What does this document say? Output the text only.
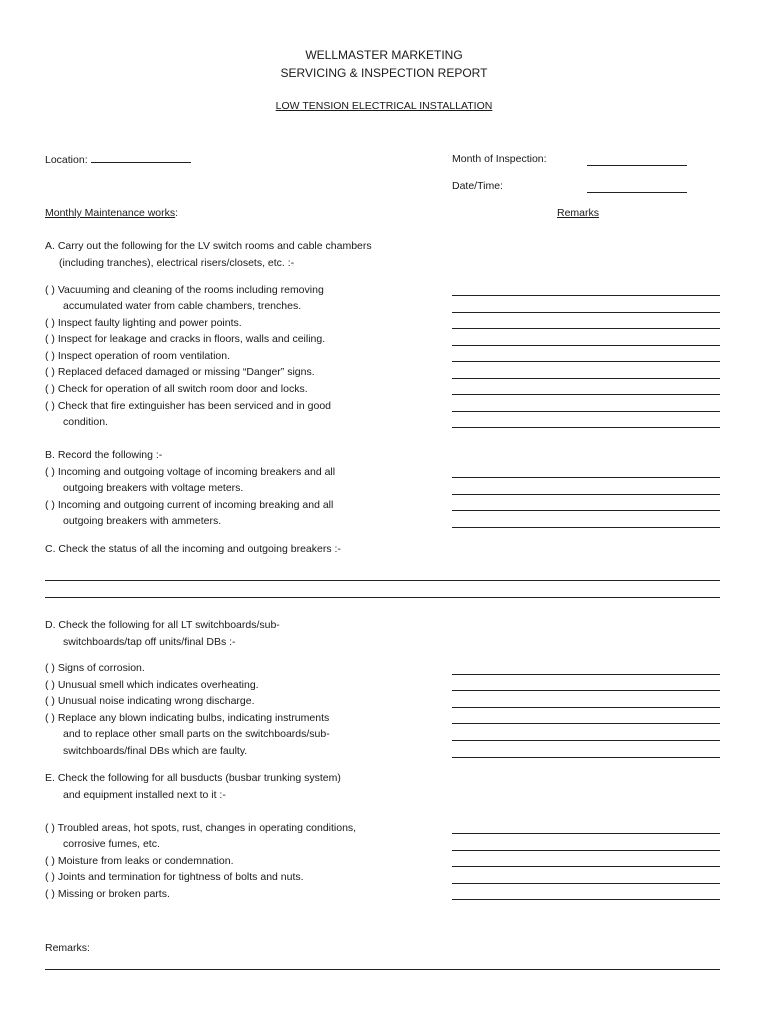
WELLMASTER MARKETING
SERVICING & INSPECTION REPORT
LOW TENSION ELECTRICAL INSTALLATION
Location:	Month of Inspection:
Date/Time:
Monthly Maintenance works:	Remarks
A. Carry out the following for the LV switch rooms and cable chambers
(including tranches), electrical risers/closets, etc. :-
( ) Vacuuming and cleaning of the rooms including removing
accumulated water from cable chambers, trenches.
( ) Inspect faulty lighting and power points.
( ) Inspect for leakage and cracks in floors, walls and ceiling.
( ) Inspect operation of room ventilation.
( ) Replaced defaced damaged or missing “Danger” signs.
( ) Check for operation of all switch room door and locks.
( ) Check that fire extinguisher has been serviced and in good
condition.
B. Record the following :-
( ) Incoming and outgoing voltage of incoming breakers and all
outgoing breakers with voltage meters.
( ) Incoming and outgoing current of incoming breaking and all
outgoing breakers with ammeters.
C. Check the status of all the incoming and outgoing breakers :-
D. Check the following for all LT switchboards/sub-
switchboards/tap off units/final DBs :-
( ) Signs of corrosion.
( ) Unusual smell which indicates overheating.
( ) Unusual noise indicating wrong discharge.
( ) Replace any blown indicating bulbs, indicating instruments
and to replace other small parts on the switchboards/sub-
switchboards/final DBs which are faulty.
E. Check the following for all busducts (busbar trunking system)
and equipment installed next to it :-
( ) Troubled areas, hot spots, rust, changes in operating conditions,
corrosive fumes, etc.
( ) Moisture from leaks or condemnation.
( ) Joints and termination for tightness of bolts and nuts.
( ) Missing or broken parts.
Remarks:
